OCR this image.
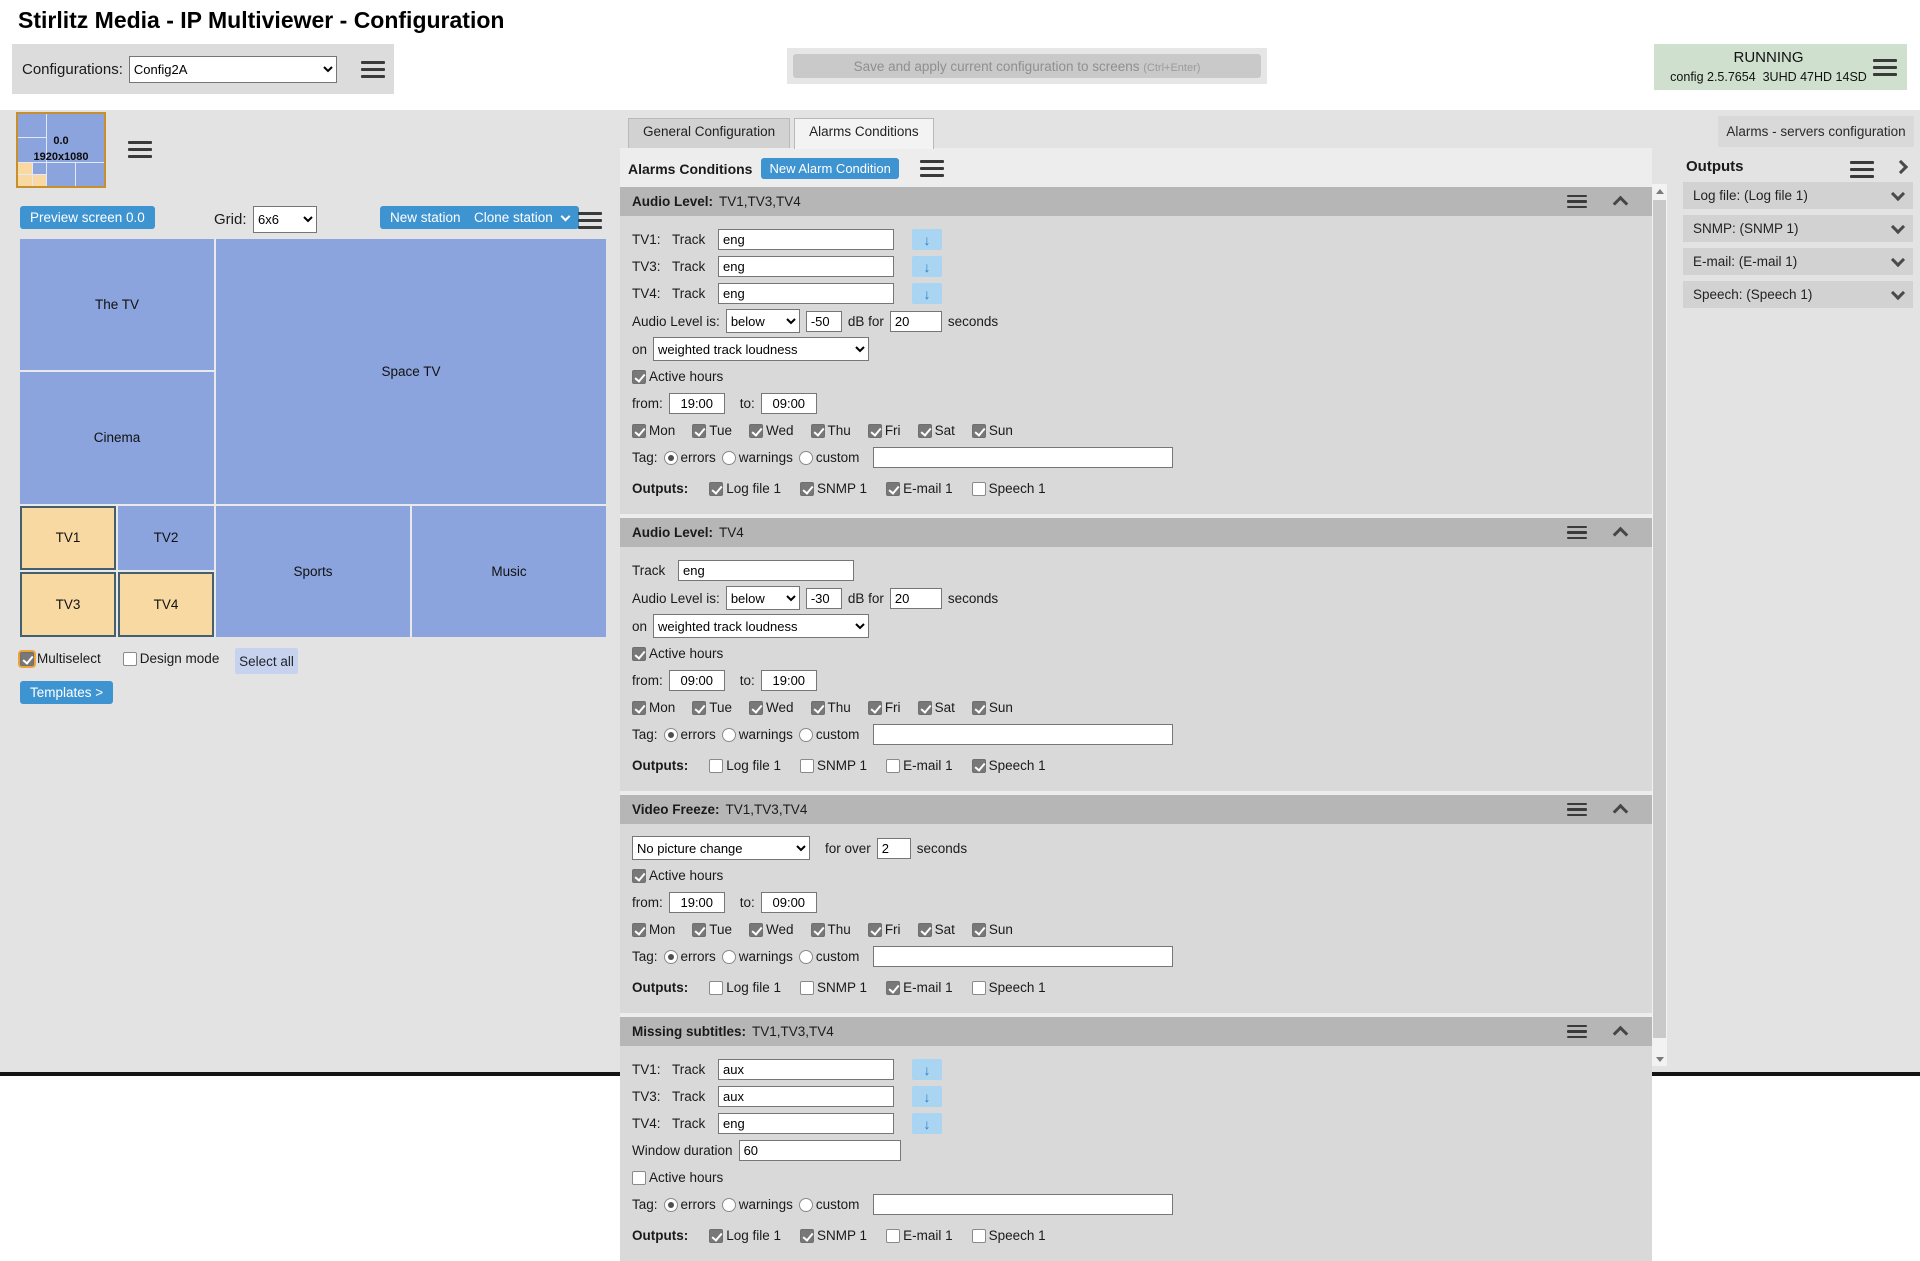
Stirlitz Media - IP Multiviewer - Configuration
Configurations:
Config2A	Save and apply current configuration to screens (Ctrl+Enter)
RUNNING
config 2.5.7654  3UHD 47HD 14SD
0.0
1920x1080
Preview screen 0.0	Grid:
6x6	New station Clone station
The TV
Space TV
Cinema
TV1	TV2
Sports	Music
TV3	TV4
Multiselect	Design mode	Select all
Templates >
General Configuration	Alarms Conditions
Alarms Conditions	New Alarm Condition
Audio Level: TV1,TV3,TV4
TV1: Track
eng	↓
TV3: Track
eng	↓
TV4: Track
eng	↓
Audio Level is:
below
-50	dB for
20	seconds
on
weighted track loudness
Active hours
from:
19:00	to:
09:00
Mon	Tue	Wed	Thu	Fri	Sat	Sun
Tag: errors warnings custom
Outputs:	Log file 1	SNMP 1	E-mail 1	Speech 1
Audio Level: TV4
Track
eng
Audio Level is:
below
-30	dB for
20	seconds
on
weighted track loudness
Active hours
from:
09:00	to:
19:00
Mon	Tue	Wed	Thu	Fri	Sat	Sun
Tag: errors warnings custom
Outputs:	Log file 1	SNMP 1	E-mail 1	Speech 1
Video Freeze: TV1,TV3,TV4
No picture change
for over
2	seconds
Active hours
from:
19:00	to:
09:00
Mon	Tue	Wed	Thu	Fri	Sat	Sun
Tag: errors warnings custom
Outputs:	Log file 1	SNMP 1	E-mail 1	Speech 1
Missing subtitles: TV1,TV3,TV4
TV1: Track
aux	↓
TV3: Track
aux	↓
TV4: Track
eng	↓
Window duration
60
Active hours
Tag: errors warnings custom
Outputs:	Log file 1	SNMP 1	E-mail 1	Speech 1
Alarms - servers configuration
Outputs
Log file: (Log file 1)
SNMP: (SNMP 1)
E-mail: (E-mail 1)
Speech: (Speech 1)
